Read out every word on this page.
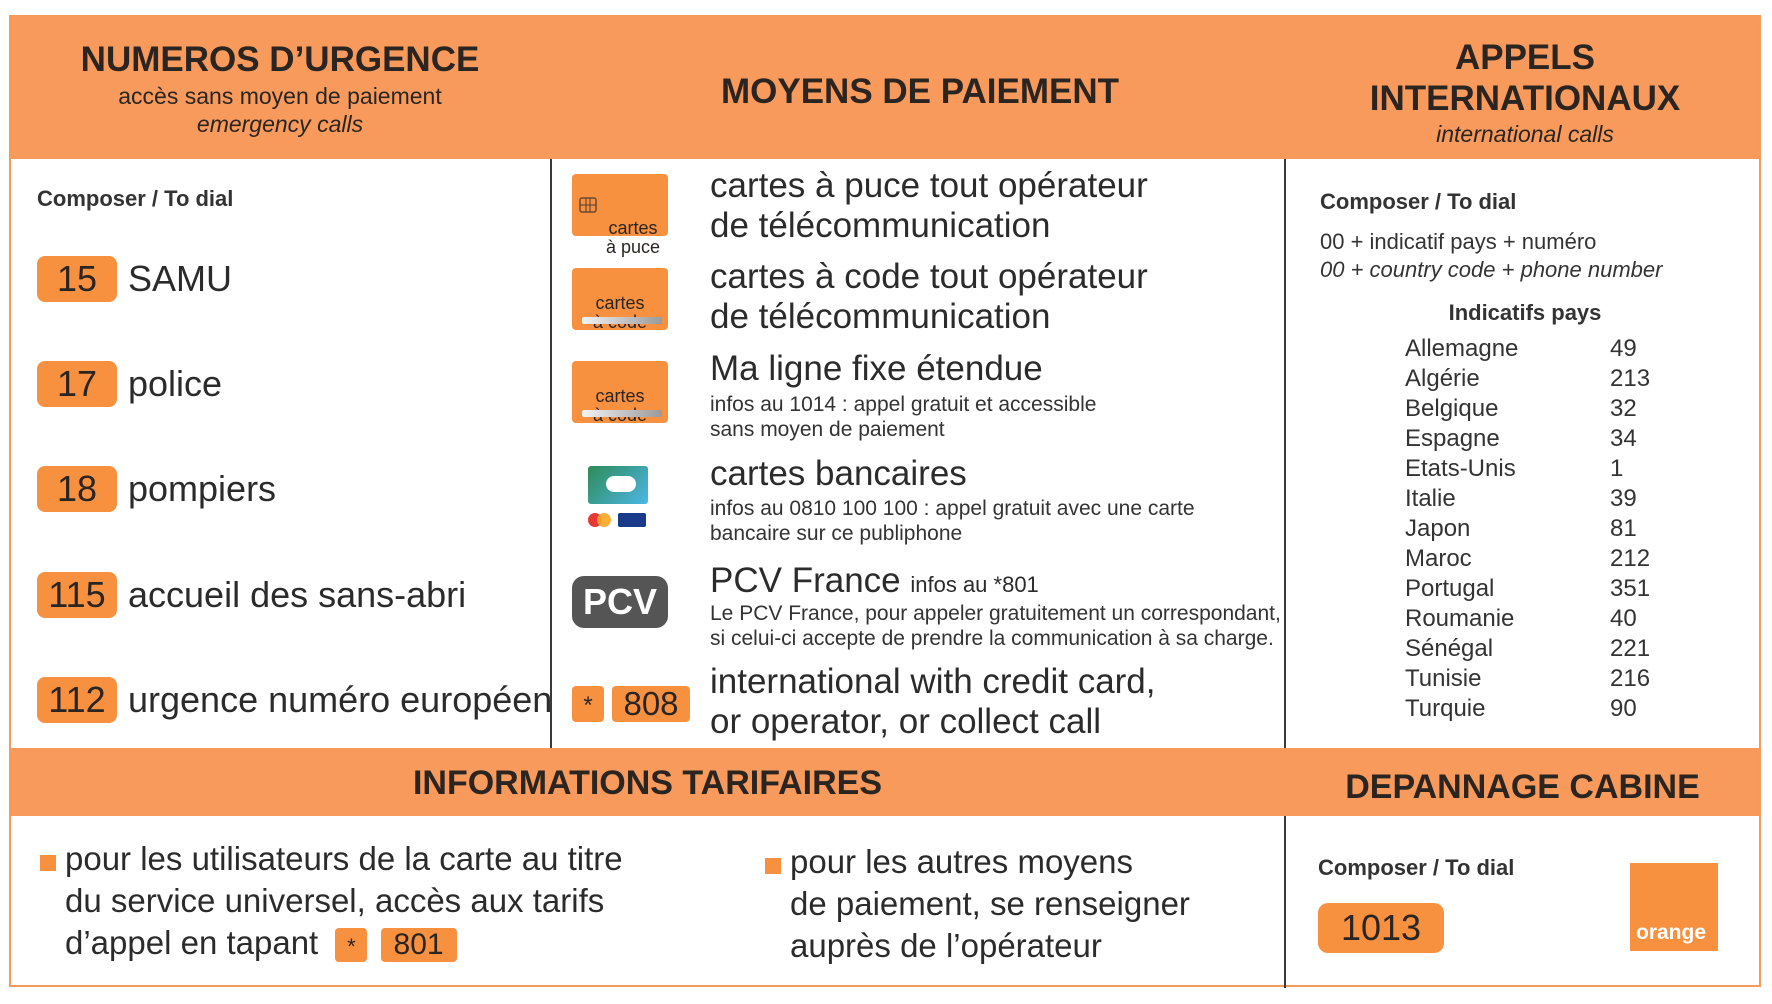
NUMEROS D’URGENCE
accès sans moyen de paiement
emergency calls
MOYENS DE PAIEMENT
APPELS
INTERNATIONAUX
international calls
Composer / To dial
15 SAMU
17 police
18 pompiers
115 accueil des sans-abri
112 urgence numéro européen

cartes
à puce

cartes à puce tout opérateur
de télécommunication

cartes

cartes à code tout opérateur
de télécommunication

cartes

Ma ligne fixe étendue
infos au 1014 : appel gratuit et accessible
sans moyen de paiement
cartes bancaires
infos au 0810 100 100 : appel gratuit avec une carte
bancaire sur ce publiphone
PCV
PCV France infos au *801
Le PCV France, pour appeler gratuitement un correspondant,
si celui-ci accepte de prendre la communication à sa charge.
* 808
international with credit card,
or operator, or collect call
Composer / To dial
00 + indicatif pays + numéro
00 + country code + phone number
Indicatifs pays
Allemagne	49
Algérie	213
Belgique	32
Espagne	34
Etats-Unis	1
Italie	39
Japon	81
Maroc	212
Portugal	351
Roumanie	40
Sénégal	221
Tunisie	216
Turquie	90
INFORMATIONS TARIFAIRES	DEPANNAGE CABINE
pour les utilisateurs de la carte au titre
du service universel, accès aux tarifs
d’appel en tapant * 801
pour les autres moyens
de paiement, se renseigner
auprès de l’opérateur
Composer / To dial
1013	orange
